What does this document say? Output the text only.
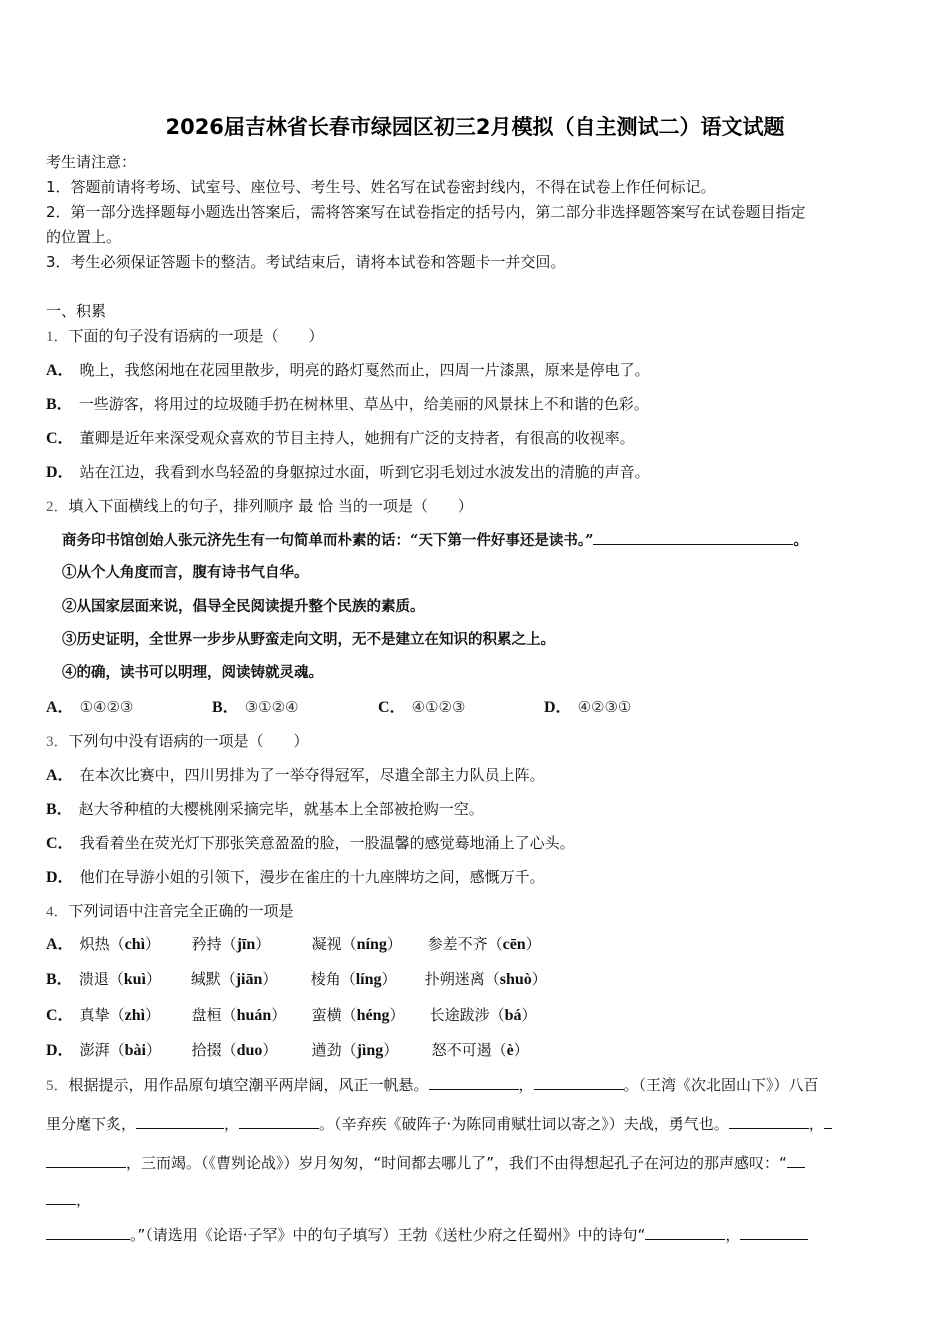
2026届吉林省长春市绿园区初三2月模拟（自主测试二）语文试题
考生请注意：
1．答题前请将考场、试室号、座位号、考生号、姓名写在试卷密封线内，不得在试卷上作任何标记。
2．第一部分选择题每小题选出答案后，需将答案写在试卷指定的括号内，第二部分非选择题答案写在试卷题目指定
的位置上。
3．考生必须保证答题卡的整洁。考试结束后，请将本试卷和答题卡一并交回。
一、积累
1．下面的句子没有语病的一项是（ ）
A． 晚上，我悠闲地在花园里散步，明亮的路灯戛然而止，四周一片漆黑，原来是停电了。
B． 一些游客，将用过的垃圾随手扔在树林里、草丛中，给美丽的风景抹上不和谐的色彩。
C． 董卿是近年来深受观众喜欢的节目主持人，她拥有广泛的支持者，有很高的收视率。
D． 站在江边，我看到水鸟轻盈的身躯掠过水面，听到它羽毛划过水波发出的清脆的声音。
2．填入下面横线上的句子，排列顺序 最 恰 当的一项是（ ）
商务印书馆创始人张元济先生有一句简单而朴素的话：“天下第一件好事还是读书。”	。
①从个人角度而言，腹有诗书气自华。
②从国家层面来说，倡导全民阅读提升整个民族的素质。
③历史证明，全世界一步步从野蛮走向文明，无不是建立在知识的积累之上。
④的确，读书可以明理，阅读铸就灵魂。
A． ①④②③	B． ③①②④	C． ④①②③	D． ④②③①
3．下列句中没有语病的一项是（ ）
A． 在本次比赛中，四川男排为了一举夺得冠军，尽遣全部主力队员上阵。
B． 赵大爷种植的大樱桃刚采摘完毕，就基本上全部被抢购一空。
C． 我看着坐在荧光灯下那张笑意盈盈的脸，一股温馨的感觉蓦地涌上了心头。
D． 他们在导游小姐的引领下，漫步在雀庄的十九座牌坊之间，感慨万千。
4．下列词语中注音完全正确的一项是
A． 炽热（chì） 矜持（jīn）	凝视（níng） 参差不齐（cēn）
B． 溃退（kuì） 缄默（jiān） 棱角（líng） 扑朔迷离（shuò）
C． 真挚（zhì） 盘桓（huán） 蛮横（héng） 长途跋涉（bá）
D． 澎湃（bài） 拾掇（duo） 遒劲（jìng） 怒不可遏（è）
5．根据提示，用作品原句填空潮平两岸阔，风正一帆悬。	，	。（王湾《次北固山下》）八百
里分麾下炙，	，	。（辛弃疾《破阵子·为陈同甫赋壮词以寄之》）夫战，勇气也。	，
，三而竭。（《曹刿论战》）岁月匆匆，“时间都去哪儿了”，我们不由得想起孔子在河边的那声感叹：“
，
。”（请选用《论语·子罕》中的句子填写）王勃《送杜少府之任蜀州》中的诗句“	，
